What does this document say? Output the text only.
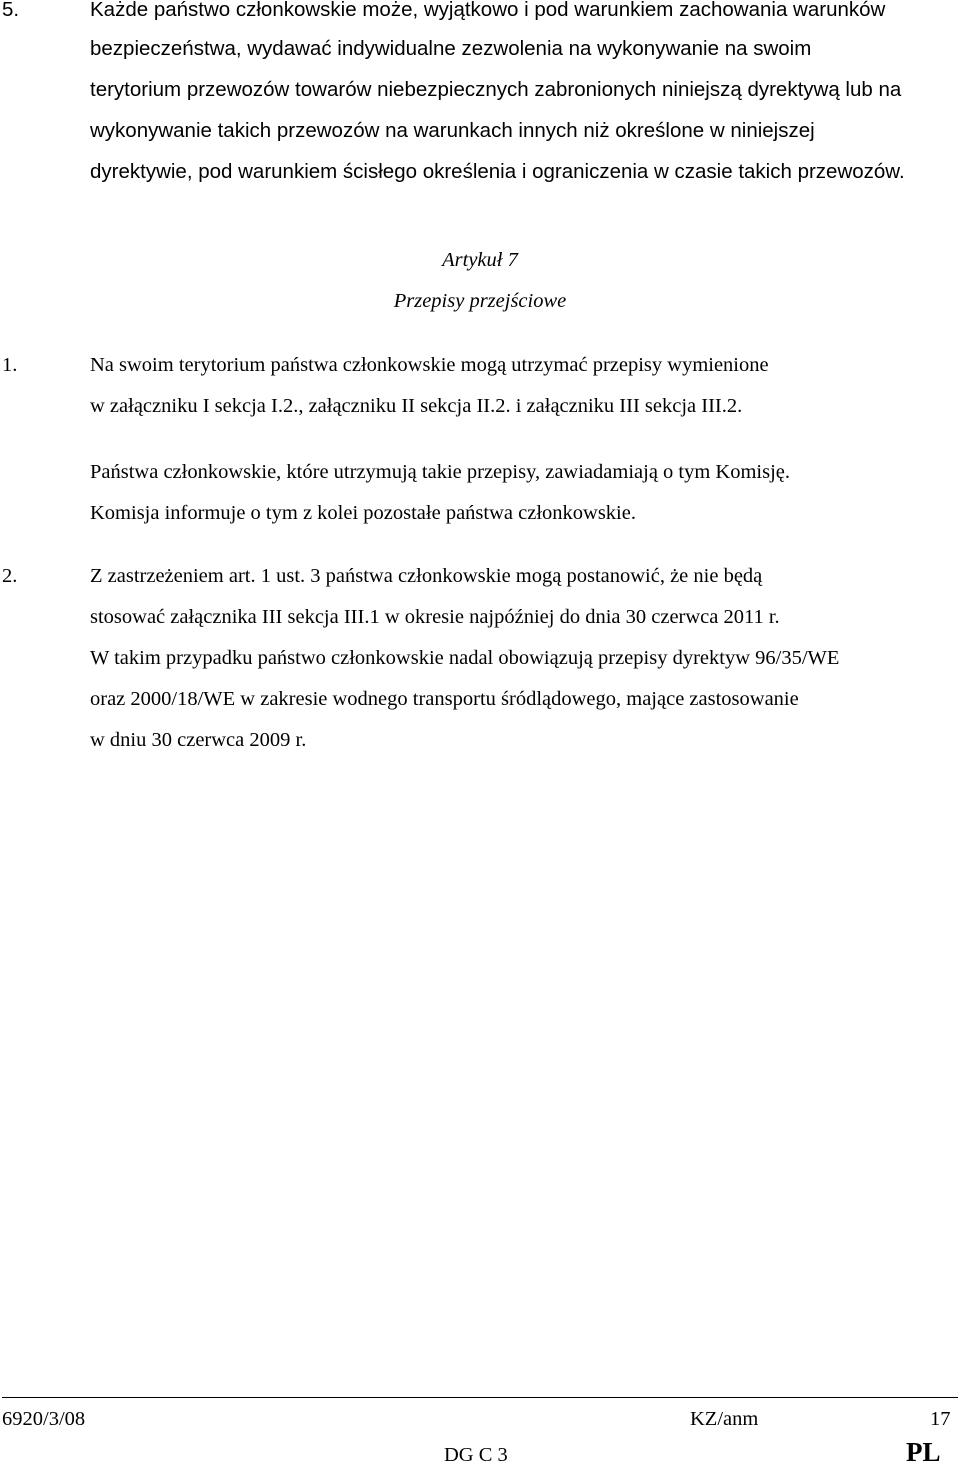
5.	Każde państwo członkowskie może, wyjątkowo i pod warunkiem zachowania warunków
bezpieczeństwa, wydawać indywidualne zezwolenia na wykonywanie na swoim
terytorium przewozów towarów niebezpiecznych zabronionych niniejszą dyrektywą lub na
wykonywanie takich przewozów na warunkach innych niż określone w niniejszej
dyrektywie, pod warunkiem ścisłego określenia i ograniczenia w czasie takich przewozów.
Artykuł 7
Przepisy przejściowe
1.	Na swoim terytorium państwa członkowskie mogą utrzymać przepisy wymienione
w załączniku I sekcja I.2., załączniku II sekcja II.2. i załączniku III sekcja III.2.
Państwa członkowskie, które utrzymują takie przepisy, zawiadamiają o tym Komisję.
Komisja informuje o tym z kolei pozostałe państwa członkowskie.
2.	Z zastrzeżeniem art. 1 ust. 3 państwa członkowskie mogą postanowić, że nie będą
stosować załącznika III sekcja III.1 w okresie najpóźniej do dnia 30 czerwca 2011 r.
W takim przypadku państwo członkowskie nadal obowiązują przepisy dyrektyw 96/35/WE
oraz 2000/18/WE w zakresie wodnego transportu śródlądowego, mające zastosowanie
w dniu 30 czerwca 2009 r.
6920/3/08	KZ/anm	17
DG C 3	PL
